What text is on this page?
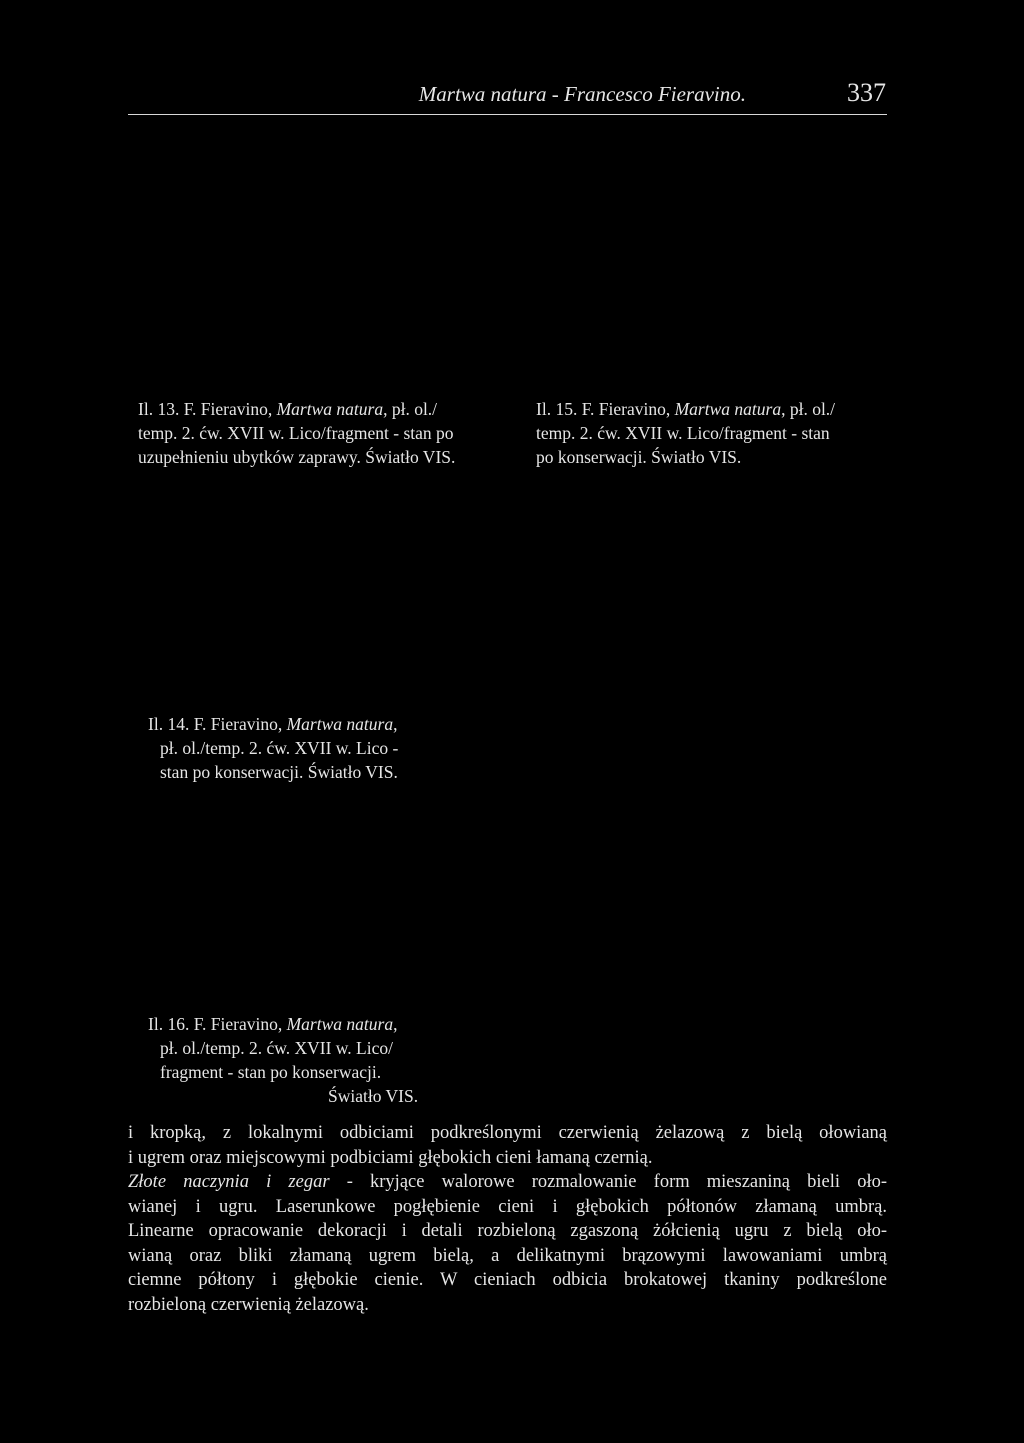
Martwa natura - Francesco Fieravino.	337
Il. 13. F. Fieravino, Martwa natura, pł. ol./
temp. 2. ćw. XVII w. Lico/fragment - stan po
uzupełnieniu ubytków zaprawy. Światło VIS.
Il. 15. F. Fieravino, Martwa natura, pł. ol./
temp. 2. ćw. XVII w. Lico/fragment - stan
po konserwacji. Światło VIS.
Il. 14. F. Fieravino, Martwa natura,
pł. ol./temp. 2. ćw. XVII w. Lico -
stan po konserwacji. Światło VIS.
Il. 16. F. Fieravino, Martwa natura,
pł. ol./temp. 2. ćw. XVII w. Lico/
fragment - stan po konserwacji.
Światło VIS.
i kropką, z lokalnymi odbiciami podkreślonymi czerwienią żelazową z bielą ołowianą
i ugrem oraz miejscowymi podbiciami głębokich cieni łamaną czernią.
Złote naczynia i zegar - kryjące walorowe rozmalowanie form mieszaniną bieli oło-
wianej i ugru. Laserunkowe pogłębienie cieni i głębokich półtonów złamaną umbrą.
Linearne opracowanie dekoracji i detali rozbieloną zgaszoną żółcienią ugru z bielą oło-
wianą oraz bliki złamaną ugrem bielą, a delikatnymi brązowymi lawowaniami umbrą
ciemne półtony i głębokie cienie. W cieniach odbicia brokatowej tkaniny podkreślone
rozbieloną czerwienią żelazową.
